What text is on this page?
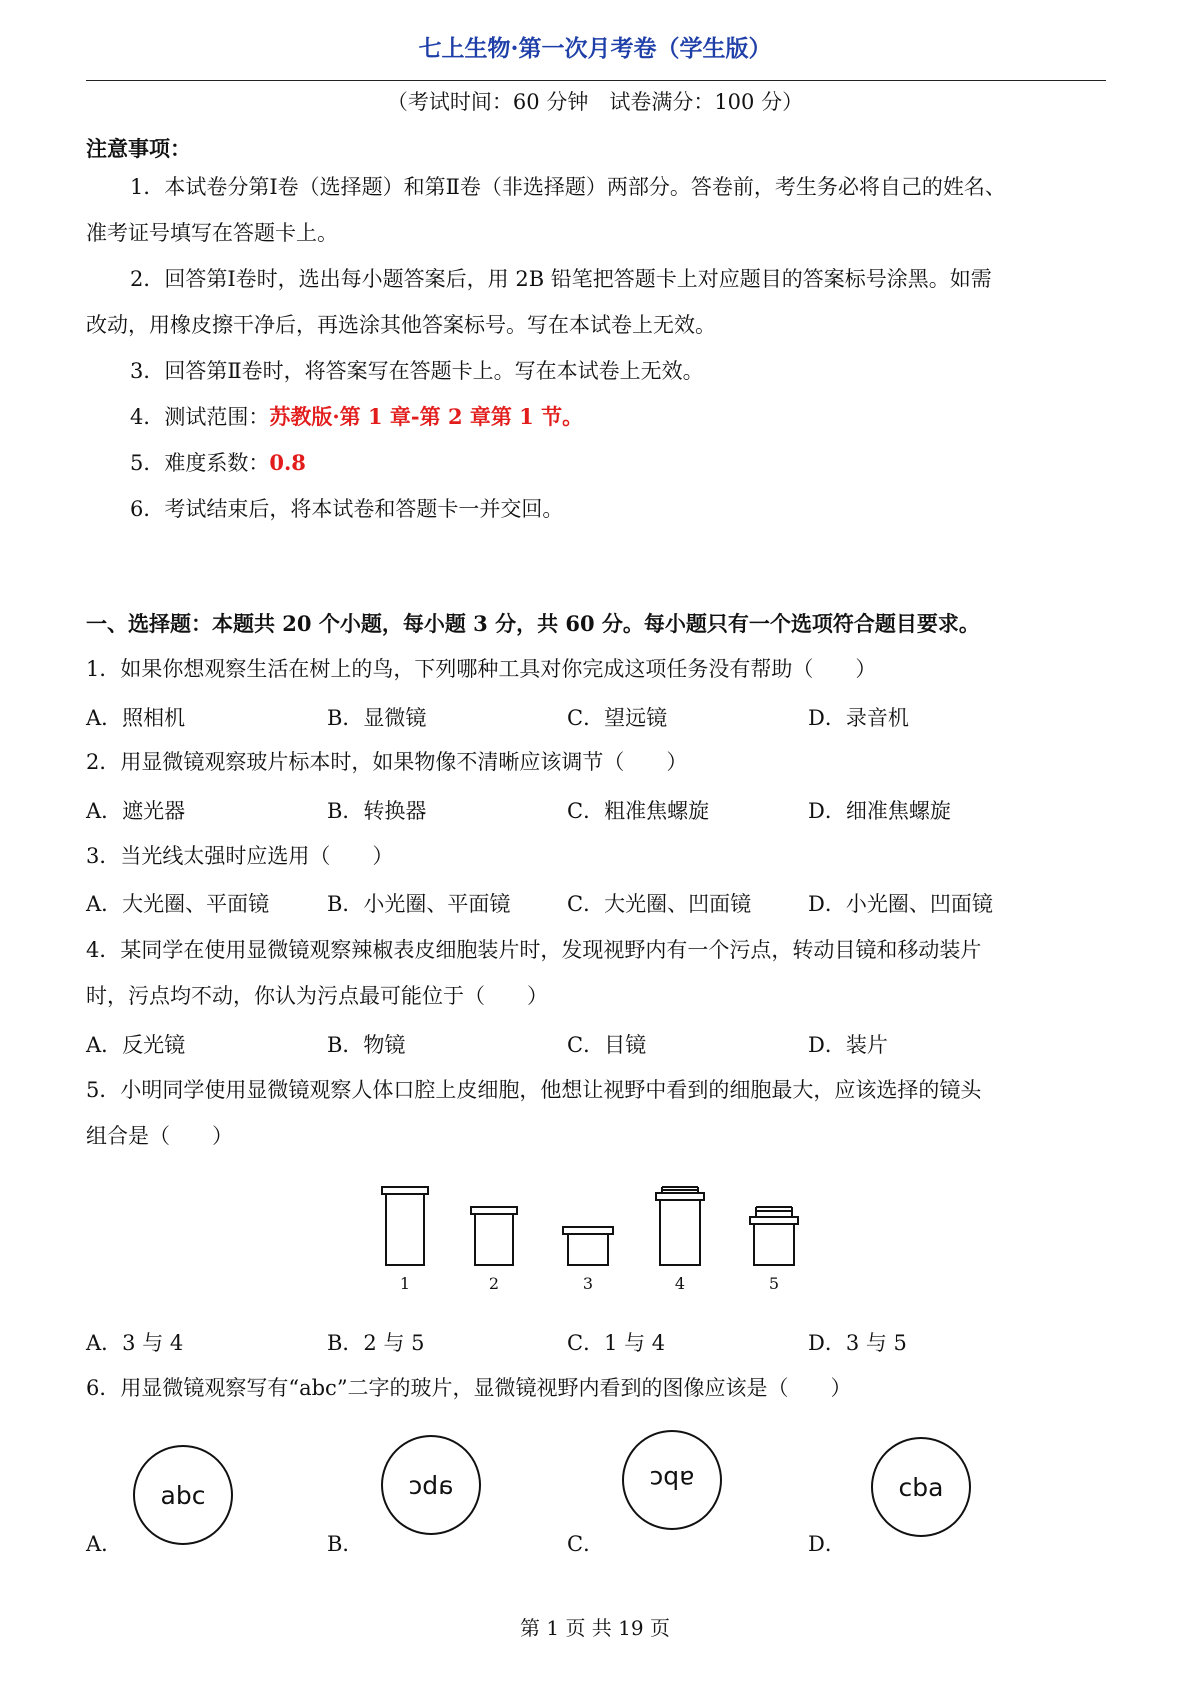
七上生物·第一次月考卷（学生版）
（考试时间：60 分钟　试卷满分：100 分）
注意事项：
1．本试卷分第Ⅰ卷（选择题）和第Ⅱ卷（非选择题）两部分。答卷前，考生务必将自己的姓名、
准考证号填写在答题卡上。
2．回答第Ⅰ卷时，选出每小题答案后，用 2B 铅笔把答题卡上对应题目的答案标号涂黑。如需
改动，用橡皮擦干净后，再选涂其他答案标号。写在本试卷上无效。
3．回答第Ⅱ卷时，将答案写在答题卡上。写在本试卷上无效。
4．测试范围：苏教版·第 1 章-第 2 章第 1 节。
5．难度系数：0.8
6．考试结束后，将本试卷和答题卡一并交回。
一、选择题：本题共 20 个小题，每小题 3 分，共 60 分。每小题只有一个选项符合题目要求。
1．如果你想观察生活在树上的鸟，下列哪种工具对你完成这项任务没有帮助（　　）
A．照相机	B．显微镜	C．望远镜	D．录音机
2．用显微镜观察玻片标本时，如果物像不清晰应该调节（　　）
A．遮光器	B．转换器	C．粗准焦螺旋	D．细准焦螺旋
3．当光线太强时应选用（　　）
A．大光圈、平面镜	B．小光圈、平面镜	C．大光圈、凹面镜	D．小光圈、凹面镜
4．某同学在使用显微镜观察辣椒表皮细胞装片时，发现视野内有一个污点，转动目镜和移动装片
时，污点均不动，你认为污点最可能位于（　　）
A．反光镜	B．物镜	C．目镜	D．装片
5．小明同学使用显微镜观察人体口腔上皮细胞，他想让视野中看到的细胞最大，应该选择的镜头
组合是（　　）
1	2	3	4	5
A．3 与 4	B．2 与 5	C．1 与 4	D．3 与 5
6．用显微镜观察写有“abc”二字的玻片，显微镜视野内看到的图像应该是（　　）
abc	abc	abc	cba
A．	B．	C．	D．
第 1 页 共 19 页
